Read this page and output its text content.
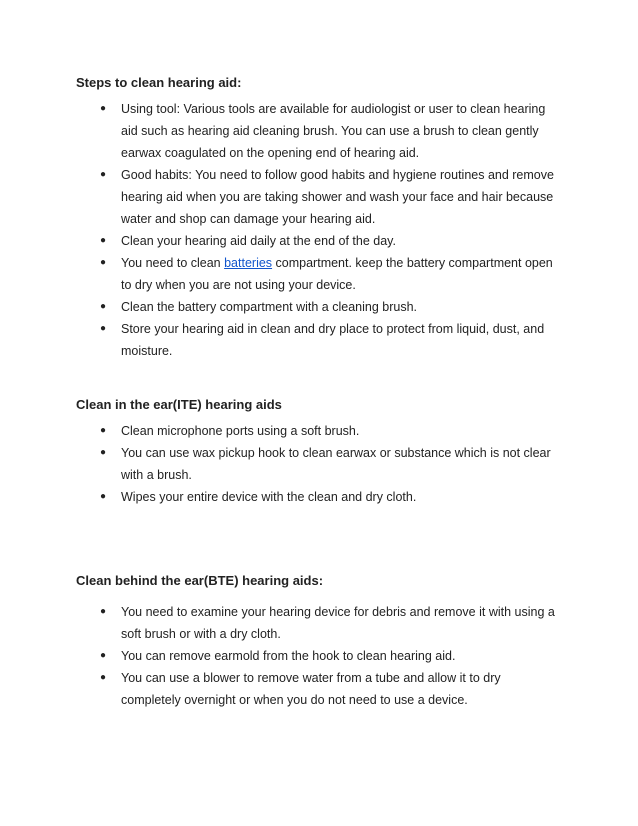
Steps to clean hearing aid:
● Using tool: Various tools are available for audiologist or user to clean hearing aid such as hearing aid cleaning brush. You can use a brush to clean gently earwax coagulated on the opening end of hearing aid.
● Good habits: You need to follow good habits and hygiene routines and remove hearing aid when you are taking shower and wash your face and hair because water and shop can damage your hearing aid.
● Clean your hearing aid daily at the end of the day.
● You need to clean batteries compartment. keep the battery compartment open to dry when you are not using your device.
● Clean the battery compartment with a cleaning brush.
● Store your hearing aid in clean and dry place to protect from liquid, dust, and moisture.
Clean in the ear(ITE) hearing aids
● Clean microphone ports using a soft brush.
● You can use wax pickup hook to clean earwax or substance which is not clear with a brush.
● Wipes your entire device with the clean and dry cloth.
Clean behind the ear(BTE) hearing aids:
● You need to examine your hearing device for debris and remove it with using a soft brush or with a dry cloth.
● You can remove earmold from the hook to clean hearing aid.
● You can use a blower to remove water from a tube and allow it to dry completely overnight or when you do not need to use a device.
